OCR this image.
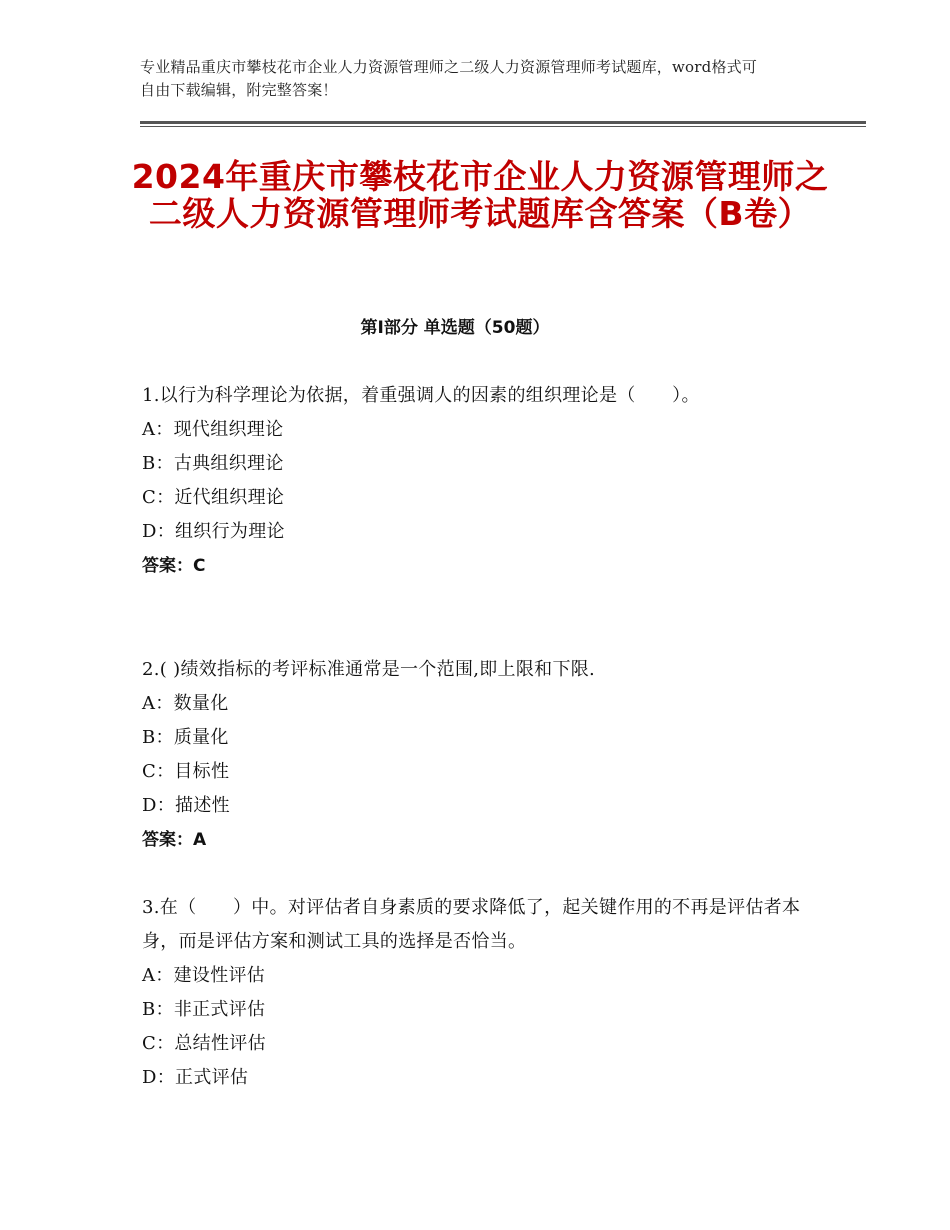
专业精品重庆市攀枝花市企业人力资源管理师之二级人力资源管理师考试题库，word格式可自由下载编辑，附完整答案！
2024年重庆市攀枝花市企业人力资源管理师之二级人力资源管理师考试题库含答案（B卷）
第Ⅰ部分 单选题（50题）
1.以行为科学理论为依据，着重强调人的因素的组织理论是（　　）。
A：现代组织理论
B：古典组织理论
C：近代组织理论
D：组织行为理论
答案：C
2.( )绩效指标的考评标准通常是一个范围,即上限和下限.
A：数量化
B：质量化
C：目标性
D：描述性
答案：A
3.在（　　）中。对评估者自身素质的要求降低了，起关键作用的不再是评估者本身，而是评估方案和测试工具的选择是否恰当。
A：建设性评估
B：非正式评估
C：总结性评估
D：正式评估
